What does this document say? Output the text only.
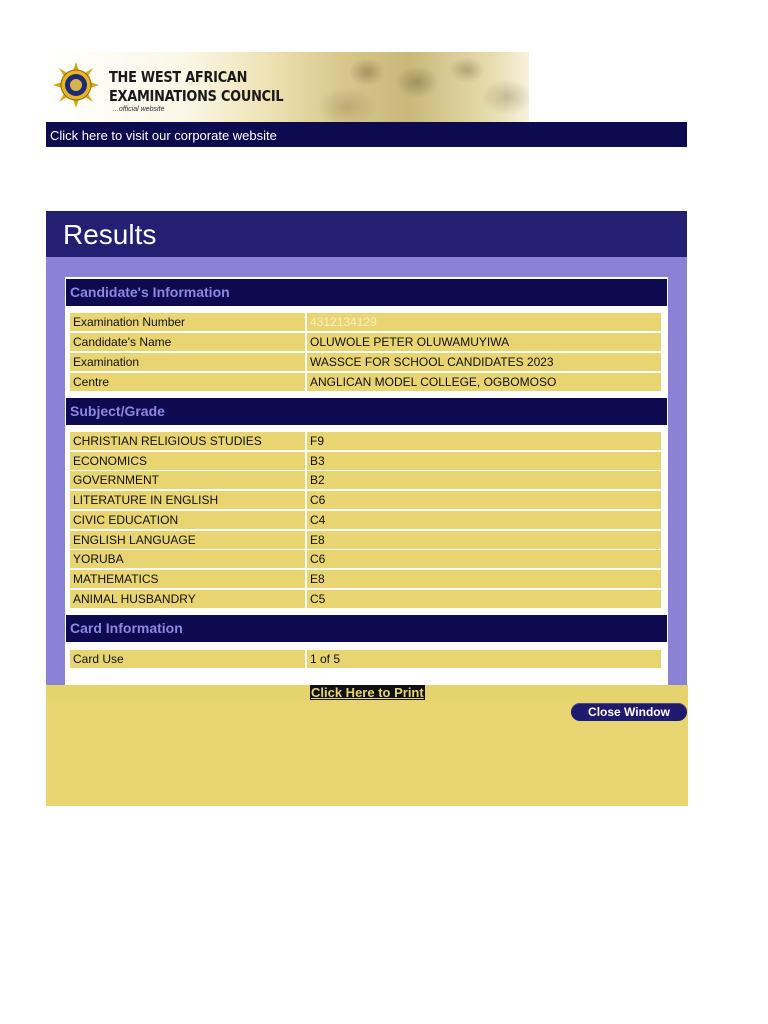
THE WEST AFRICAN
EXAMINATIONS COUNCIL
...official website
Click here to visit our corporate website
Results
Candidate's Information
Examination Number	4312134129
Candidate's Name	OLUWOLE PETER OLUWAMUYIWA
Examination	WASSCE FOR SCHOOL CANDIDATES 2023
Centre	ANGLICAN MODEL COLLEGE, OGBOMOSO
Subject/Grade
CHRISTIAN RELIGIOUS STUDIES	F9
ECONOMICS	B3
GOVERNMENT	B2
LITERATURE IN ENGLISH	C6
CIVIC EDUCATION	C4
ENGLISH LANGUAGE	E8
YORUBA	C6
MATHEMATICS	E8
ANIMAL HUSBANDRY	C5
Card Information
Card Use	1 of 5
Click Here to Print
Close Window
